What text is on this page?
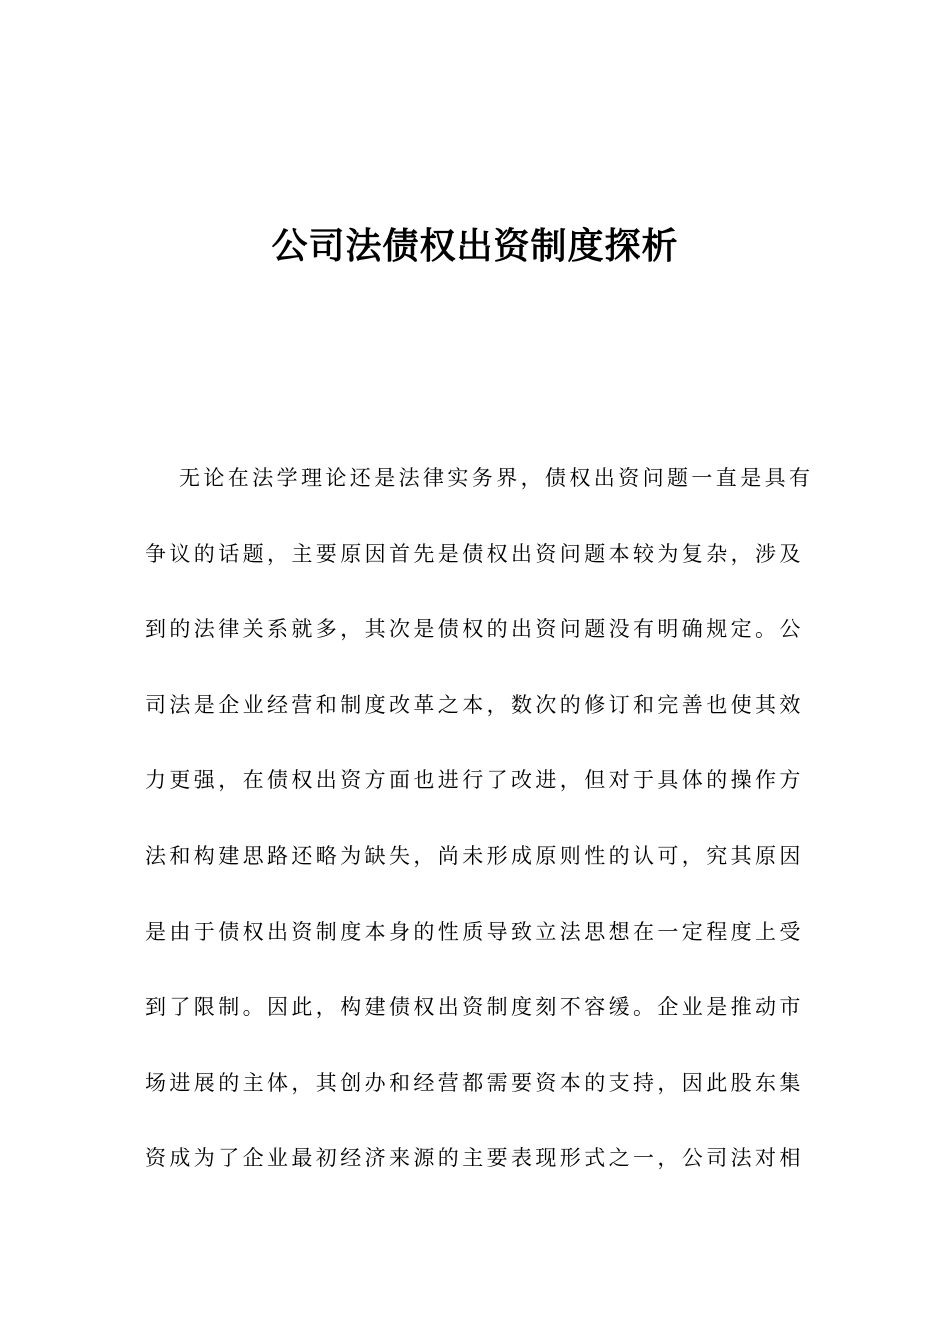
公司法债权出资制度探析
无论在法学理论还是法律实务界，债权出资问题一直是具有
争议的话题，主要原因首先是债权出资问题本较为复杂，涉及
到的法律关系就多，其次是债权的出资问题没有明确规定。公
司法是企业经营和制度改革之本，数次的修订和完善也使其效
力更强，在债权出资方面也进行了改进，但对于具体的操作方
法和构建思路还略为缺失，尚未形成原则性的认可，究其原因
是由于债权出资制度本身的性质导致立法思想在一定程度上受
到了限制。因此，构建债权出资制度刻不容缓。企业是推动市
场进展的主体，其创办和经营都需要资本的支持，因此股东集
资成为了企业最初经济来源的主要表现形式之一，公司法对相
